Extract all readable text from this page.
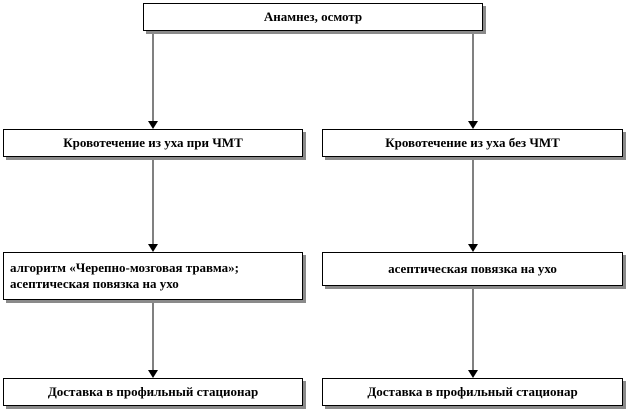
Анамнез, осмотр
Кровотечение из уха при ЧМТ	Кровотечение из уха без ЧМТ
алгоритм «Черепно-мозговая травма»;
асептическая повязка на ухо
асептическая повязка на ухо
Доставка в профильный стационар	Доставка в профильный стационар
